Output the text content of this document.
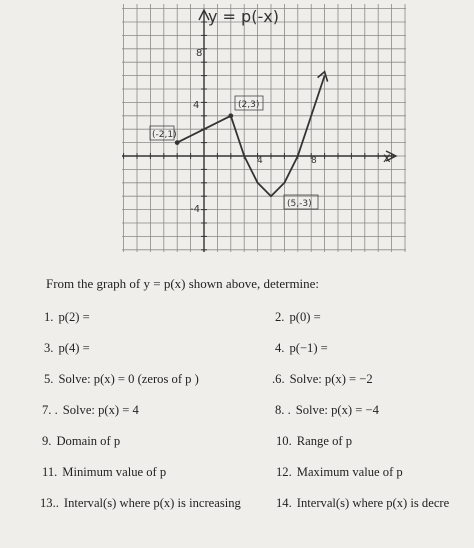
y = p(-x)
x
8
4
-4
4	8
(-2,1)
(2,3)
(5,-3)
From the graph of y = p(x) shown above, determine:
1. p(2) =	2. p(0) =
3. p(4) =	4. p(−1) =
5. Solve: p(x) = 0 (zeros of p )	.6. Solve: p(x) = −2
7. . Solve: p(x) = 4	8. . Solve: p(x) = −4
9. Domain of p	10. Range of p
11. Minimum value of p	12. Maximum value of p
13.. Interval(s) where p(x) is increasing	14. Interval(s) where p(x) is decre
